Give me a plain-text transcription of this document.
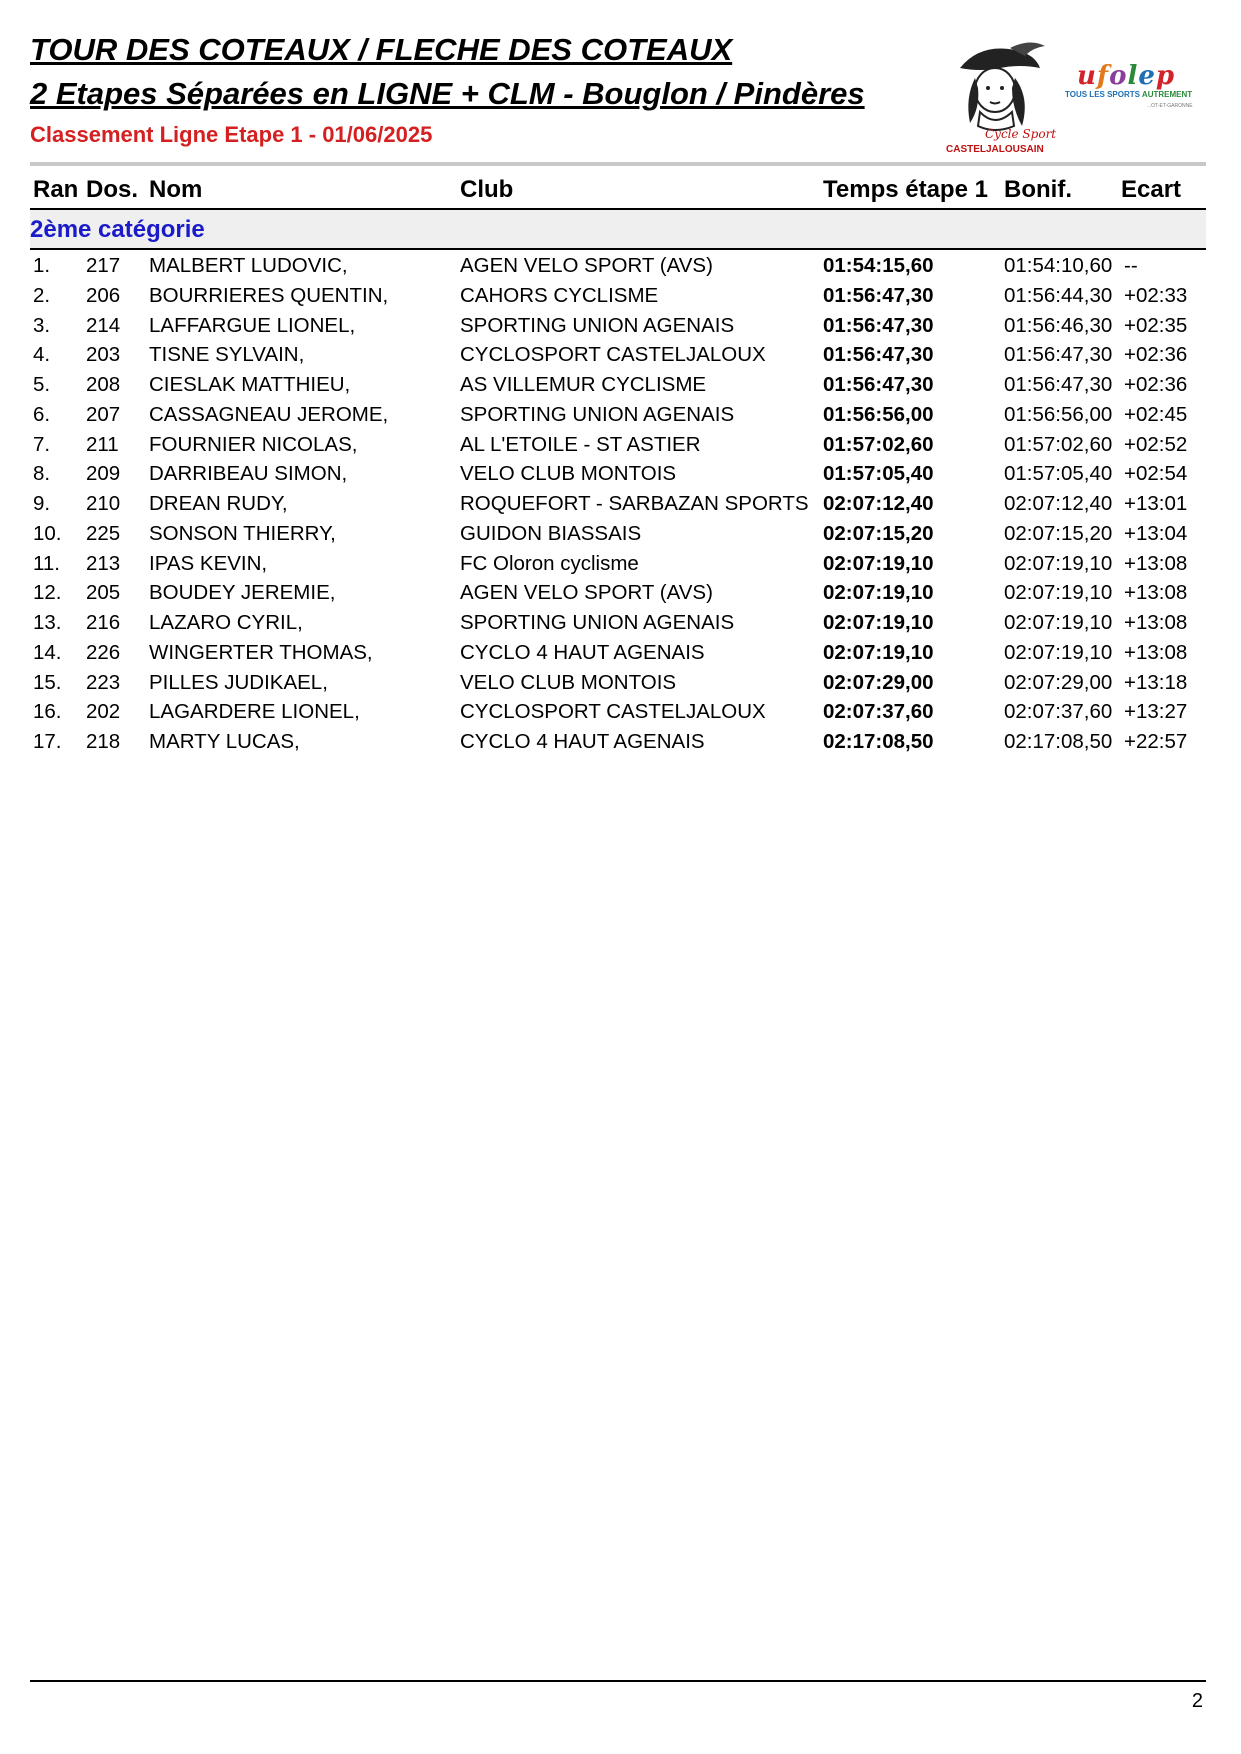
TOUR DES COTEAUX / FLECHE DES COTEAUX
2 Etapes Séparées en LIGNE + CLM - Bouglon / Pindères
Classement Ligne Etape 1 - 01/06/2025	Cycle Sport
CASTELJALOUSAIN
ufolep
TOUS LES SPORTS AUTREMENT
...OT-ET-GARONNE
Ran Dos. Nom	Club	Temps étape 1 Bonif. Ecart
2ème catégorie
1. 217 MALBERT LUDOVIC,	AGEN VELO SPORT (AVS)	01:54:15,60	01:54:10,60 --
2. 206 BOURRIERES QUENTIN,	CAHORS CYCLISME	01:56:47,30	01:56:44,30 +02:33
3. 214 LAFFARGUE LIONEL,	SPORTING UNION AGENAIS	01:56:47,30	01:56:46,30 +02:35
4. 203 TISNE SYLVAIN,	CYCLOSPORT CASTELJALOUX	01:56:47,30	01:56:47,30 +02:36
5. 208 CIESLAK MATTHIEU,	AS VILLEMUR CYCLISME	01:56:47,30	01:56:47,30 +02:36
6. 207 CASSAGNEAU JEROME,	SPORTING UNION AGENAIS	01:56:56,00	01:56:56,00 +02:45
7. 211 FOURNIER NICOLAS,	AL L'ETOILE - ST ASTIER	01:57:02,60	01:57:02,60 +02:52
8. 209 DARRIBEAU SIMON,	VELO CLUB MONTOIS	01:57:05,40	01:57:05,40 +02:54
9. 210 DREAN RUDY,	ROQUEFORT - SARBAZAN SPORTS 02:07:12,40	02:07:12,40 +13:01
10. 225 SONSON THIERRY,	GUIDON BIASSAIS	02:07:15,20	02:07:15,20 +13:04
11. 213 IPAS KEVIN,	FC Oloron cyclisme	02:07:19,10	02:07:19,10 +13:08
12. 205 BOUDEY JEREMIE,	AGEN VELO SPORT (AVS)	02:07:19,10	02:07:19,10 +13:08
13. 216 LAZARO CYRIL,	SPORTING UNION AGENAIS	02:07:19,10	02:07:19,10 +13:08
14. 226 WINGERTER THOMAS,	CYCLO 4 HAUT AGENAIS	02:07:19,10	02:07:19,10 +13:08
15. 223 PILLES JUDIKAEL,	VELO CLUB MONTOIS	02:07:29,00	02:07:29,00 +13:18
16. 202 LAGARDERE LIONEL,	CYCLOSPORT CASTELJALOUX	02:07:37,60	02:07:37,60 +13:27
17. 218 MARTY LUCAS,	CYCLO 4 HAUT AGENAIS	02:17:08,50	02:17:08,50 +22:57
2
